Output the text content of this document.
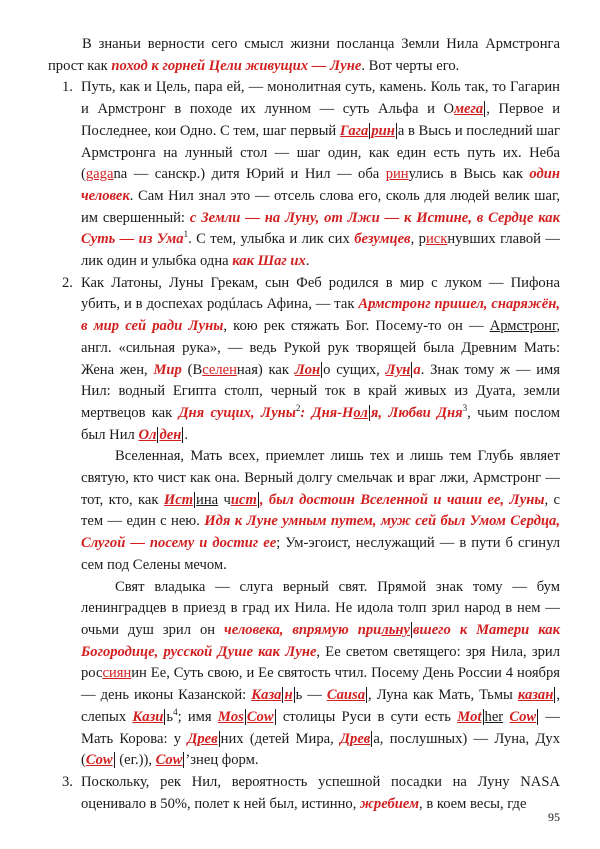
В знаньи верности сего смысл жизни посланца Земли Нила Армстронга прост как поход к горней Цели живущих — Луне. Вот черты его.

1. Путь, как и Цель, пара ей, — монолитная суть, камень. Коль так, то Гагарин и Армстронг в походе их лунном — суть Альфа и Омега , Первое и Последнее, кои Одно. С тем, шаг первый Гага рин а в Высь и последний шаг Армстронга на лунный стол — шаг один, как един есть путь их. Неба (gagana — санскр.) дитя Юрий и Нил — оба ринулись в Высь как один человек. Сам Нил знал это — отсель слова его, сколь для людей велик шаг, им свершенный: с Земли — на Луну, от Лжи — к Истине, в Сердце как Суть — из Ума$^1$. С тем, улыбка и лик сих безумцев, рискнувших главой — лик один и улыбка одна как Шаг их.

2. Как Латоны, Луны Грекам, сын Феб родился в мир с луком — Пифона убить, и в доспехах родúлась Афина, — так Армстронг пришел, снаряжён, в мир сей ради Луны, кою рек стяжать Бог. Посему-то он — Армстронг, англ. «сильная рука», — ведь Рукой рук творящей была Древним Мать: Жена жен, Мир (Вселенная) как Лон о сущих, Лун а. Знак тому ж — имя Нил: водный Египта столп, черный ток в край живых из Дуата, земли мертвецов как Дня сущих, Луны$^2$: Дня-Нол я, Любви Дня$^3$, чьим послом был Нил Ол ден .

Вселенная, Мать всех, приемлет лишь тех и лишь тем Глубь являет святую, кто чист как она. Верный долгу смельчак и враг лжи, Армстронг — тот, кто, как Ист ина чист , был достоин Вселенной и чаши ее, Луны, с тем — един с нею. Идя к Луне умным путем, муж сей был Умом Сердца, Слугой — посему и достиг ее; Ум-эгоист, неслужащий — в пути б сгинул сем под Селены мечом.

Свят владыка — слуга верный свят. Прямой знак тому — бум ленинградцев в приезд в град их Нила. Не идола толп зрил народ в нем — очьми душ зрил он человека, впрямую прильну вшего к Матери как Богородице, русской Душе как Луне, Ее светом светящего: зря Нила, зрил россиянин Ее, Суть свою, и Ее святость чтил. Посему День России 4 ноября — день иконы Казанской: Каза н ь — Causa , Луна как Мать, Тьмы казан , слепых Кази $ь^4$; имя Mos Cow столицы Руси в сути есть Mot her Cow — Мать Корова: у Древ них (детей Мира, Древ а, послушных) — Луна, Дух (Cow (ег.)), Cow ’знец форм.

3. Поскольку, рек Нил, вероятность успешной посадки на Луну NASA оценивало в 50%, полет к ней был, истинно, жребием, в коем весы, где

95
